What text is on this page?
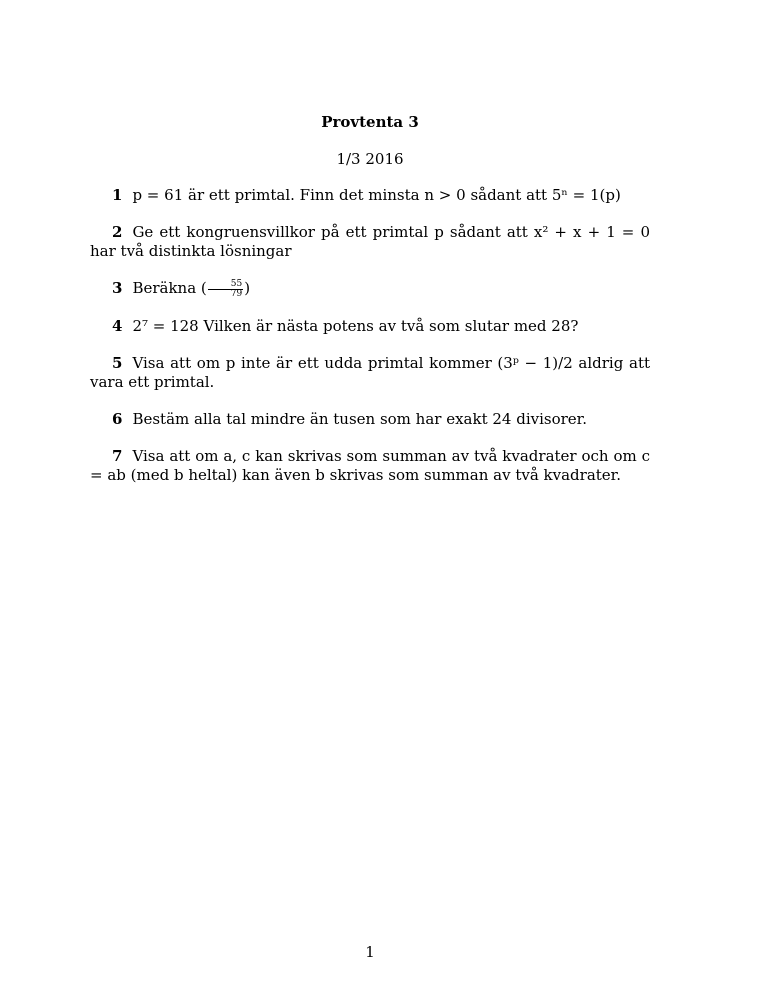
Provtenta 3
1/3 2016

1 p = 61 är ett primtal. Finn det minsta n > 0 sådant att 5ⁿ = 1(p)

2 Ge ett kongruensvillkor på ett primtal p sådant att x² + x + 1 = 0 har två distinkta lösningar

3 Beräkna ( $\frac{55}{79}$ )

4 2⁷ = 128 Vilken är nästa potens av två som slutar med 28?

5 Visa att om p inte är ett udda primtal kommer (3ᵖ − 1)/2 aldrig att vara ett primtal.

6 Bestäm alla tal mindre än tusen som har exakt 24 divisorer.

7 Visa att om a, c kan skrivas som summan av två kvadrater och om c = ab (med b heltal) kan även b skrivas som summan av två kvadrater.

1
